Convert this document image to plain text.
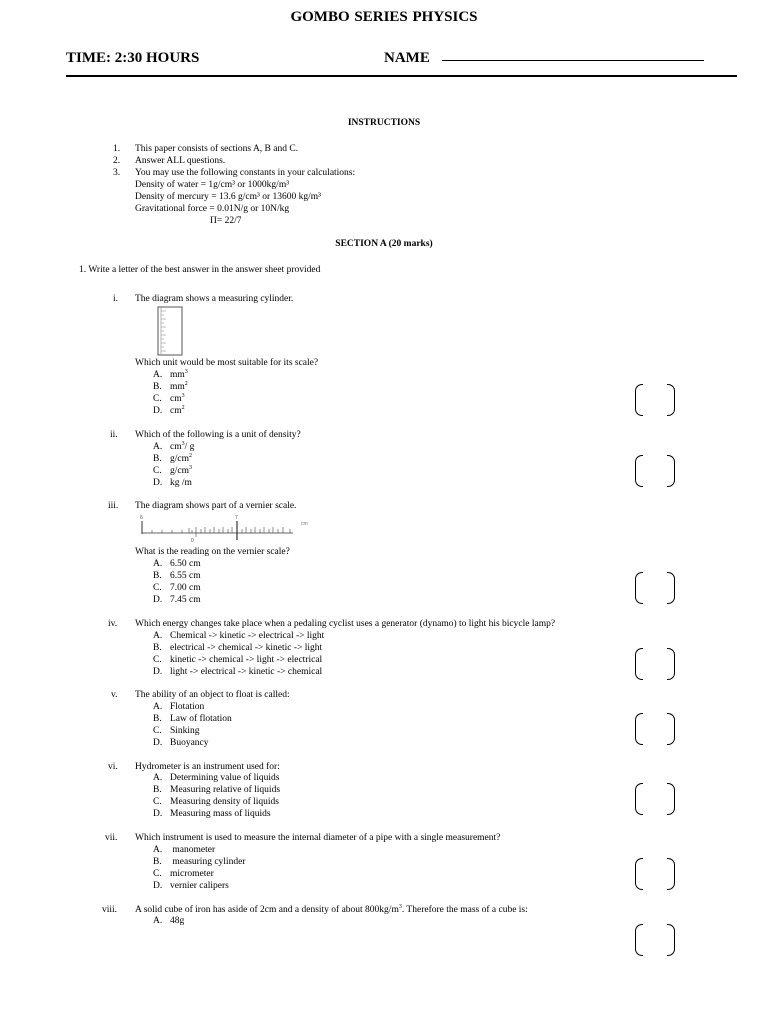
GOMBO SERIES PHYSICS
TIME: 2:30 HOURS	NAME
INSTRUCTIONS
1. This paper consists of sections A, B and C.
2. Answer ALL questions.
3. You may use the following constants in your calculations:
Density of water = 1g/cm³ or 1000kg/m³
Density of mercury = 13.6 g/cm³ or 13600 kg/m³
Gravitational force = 0.01N/g or 10N/kg
Π= 22/7
SECTION A (20 marks)
1. Write a letter of the best answer in the answer sheet provided
i. The diagram shows a measuring cylinder.
Which unit would be most suitable for its scale?
A. $mm^3$
B. $mm^2$
C. $cm^3$
D. $cm^2$
ii. Which of the following is a unit of density?
A. $cm^3/$ g
B. $g/cm^2$
C. $g/cm^3$
D. kg /m
iii. The diagram shows part of a vernier scale.
6	7
0
cm
What is the reading on the vernier scale?
A. 6.50 cm
B. 6.55 cm
C. 7.00 cm
D. 7.45 cm
iv. Which energy changes take place when a pedaling cyclist uses a generator (dynamo) to light his bicycle lamp?
A. Chemical -> kinetic -> electrical -> light
B. electrical -> chemical -> kinetic -> light
C. kinetic -> chemical -> light -> electrical
D. light -> electrical -> kinetic -> chemical
v. The ability of an object to float is called:
A. Flotation
B. Law of flotation
C. Sinking
D. Buoyancy
vi. Hydrometer is an instrument used for:
A. Determining value of liquids
B. Measuring relative of liquids
C. Measuring density of liquids
D. Measuring mass of liquids
vii. Which instrument is used to measure the internal diameter of a pipe with a single measurement?
A. manometer
B. measuring cylinder
C. micrometer
D. vernier calipers
viii. A solid cube of iron has aside of 2cm and a density of about $800kg/m^3$. Therefore the mass of a cube is:
A. 48g
